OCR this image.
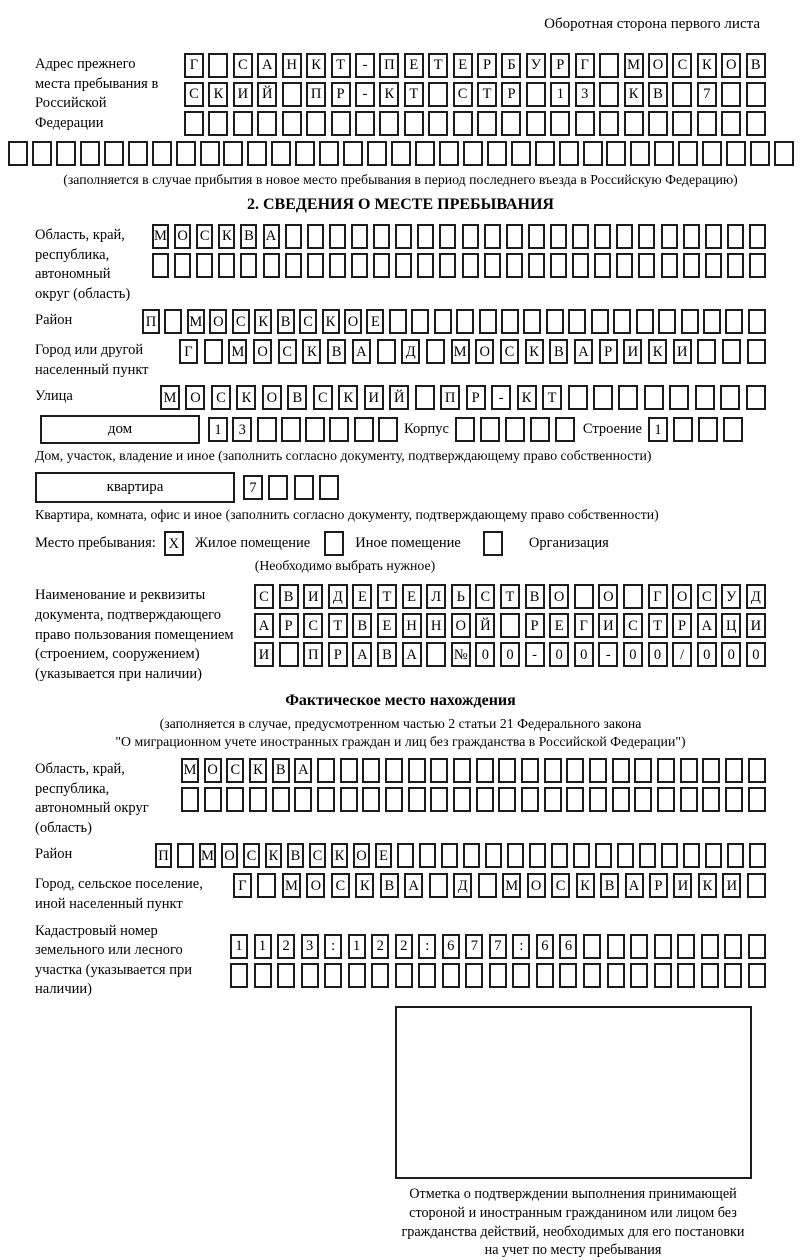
Оборотная сторона первого листа
Адрес прежнего места пребывания в Российской Федерации
Г	С А Н К	Т	-	П	Е	Т	Е	Р	Б	У	Р	Г	М О С	К О В
С	К И Й	П	Р	-	К	Т	С	Т	Р	1	3	К	В	7
(заполняется в случае прибытия в новое место пребывания в период последнего въезда в Российскую Федерацию)
2. СВЕДЕНИЯ О МЕСТЕ ПРЕБЫВАНИЯ
Область, край, республика, автономный округ (область)
М О С К В А
Район	П М О С К В С К О Е
Город или другой населенный пункт
Г	М О	С	К	В	А	Д	М О	С	К	В	А	Р	И	К	И
Улица	М О	С	К	О	В	С	К	И	Й	П	Р	-	К	Т
дом	1	3	Корпус	Строение 1
Дом, участок, владение и иное (заполнить согласно документу, подтверждающему право собственности)
квартира	7
Квартира, комната, офис и иное (заполнить согласно документу, подтверждающему право собственности)
Место пребывания: X	Жилое помещение	Иное помещение	Организация
(Необходимо выбрать нужное)
Наименование и реквизиты документа, подтверждающего право пользования помещением (строением, сооружением) (указывается при наличии)
С	В	И Д	Е	Т	Е	Л	Ь	С	Т	В	О	О	Г	О	С	У	Д
А	Р	С	Т	В	Е	Н Н О Й	Р	Е	Г	И	С	Т	Р	А Ц И
И	П	Р	А	В	А	№ 0	0	-	0	0	-	0	0	/	0	0	0
Фактическое место нахождения
(заполняется в случае, предусмотренном частью 2 статьи 21 Федерального закона
"О миграционном учете иностранных граждан и лиц без гражданства в Российской Федерации")
Область, край, республика, автономный округ (область)
М О С К В А
Район	П М О С К В С К О Е
Город, сельское поселение, иной населенный пункт
Г	М О С	К	В А	Д	М О С	К	В А	Р	И К И
Кадастровый номер земельного или лесного участка (указывается при наличии)
1	1	2	3	:	1	2	2	:	6	7	7	:	6	6
Отметка о подтверждении выполнения принимающей стороной и иностранным гражданином или лицом без гражданства действий, необходимых для его постановки на учет по месту пребывания
